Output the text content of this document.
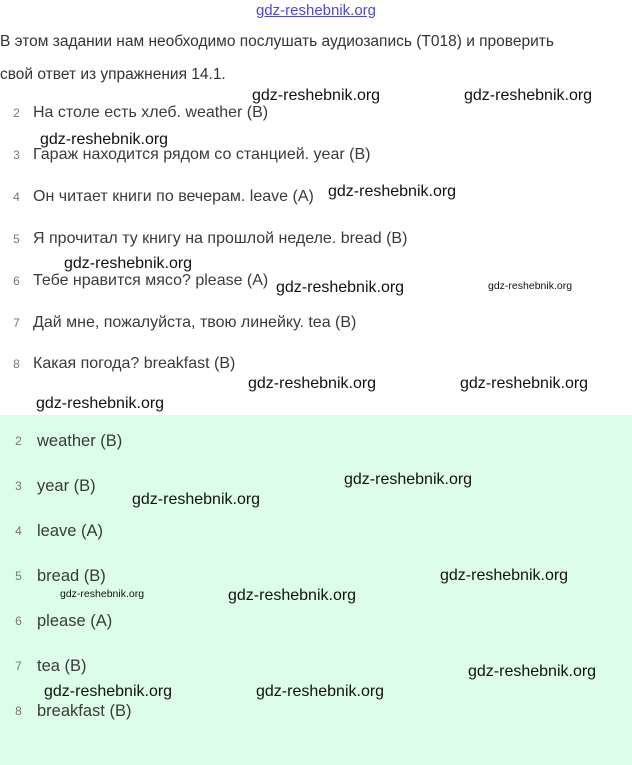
gdz-reshebnik.org
В этом задании нам необходимо послушать аудиозапись (T018) и проверить
свой ответ из упражнения 14.1.
2 На столе есть хлеб. weather (B)
3 Гараж находится рядом со станцией. year (B)
4 Он читает книги по вечерам. leave (A)
5 Я прочитал ту книгу на прошлой неделе. bread (B)
6 Тебе нравится мясо? please (A)
7 Дай мне, пожалуйста, твою линейку. tea (B)
8 Какая погода? breakfast (B)
2 weather (B)
3 year (B)
4 leave (A)
5 bread (B)
6 please (A)
7 tea (B)
8 breakfast (B)
gdz-reshebnik.org	gdz-reshebnik.org
gdz-reshebnik.org
gdz-reshebnik.org
gdz-reshebnik.org
gdz-reshebnik.org	gdz-reshebnik.org
gdz-reshebnik.org	gdz-reshebnik.org
gdz-reshebnik.org
gdz-reshebnik.org
gdz-reshebnik.org
gdz-reshebnik.org
gdz-reshebnik.org	gdz-reshebnik.org
gdz-reshebnik.org
gdz-reshebnik.org	gdz-reshebnik.org
